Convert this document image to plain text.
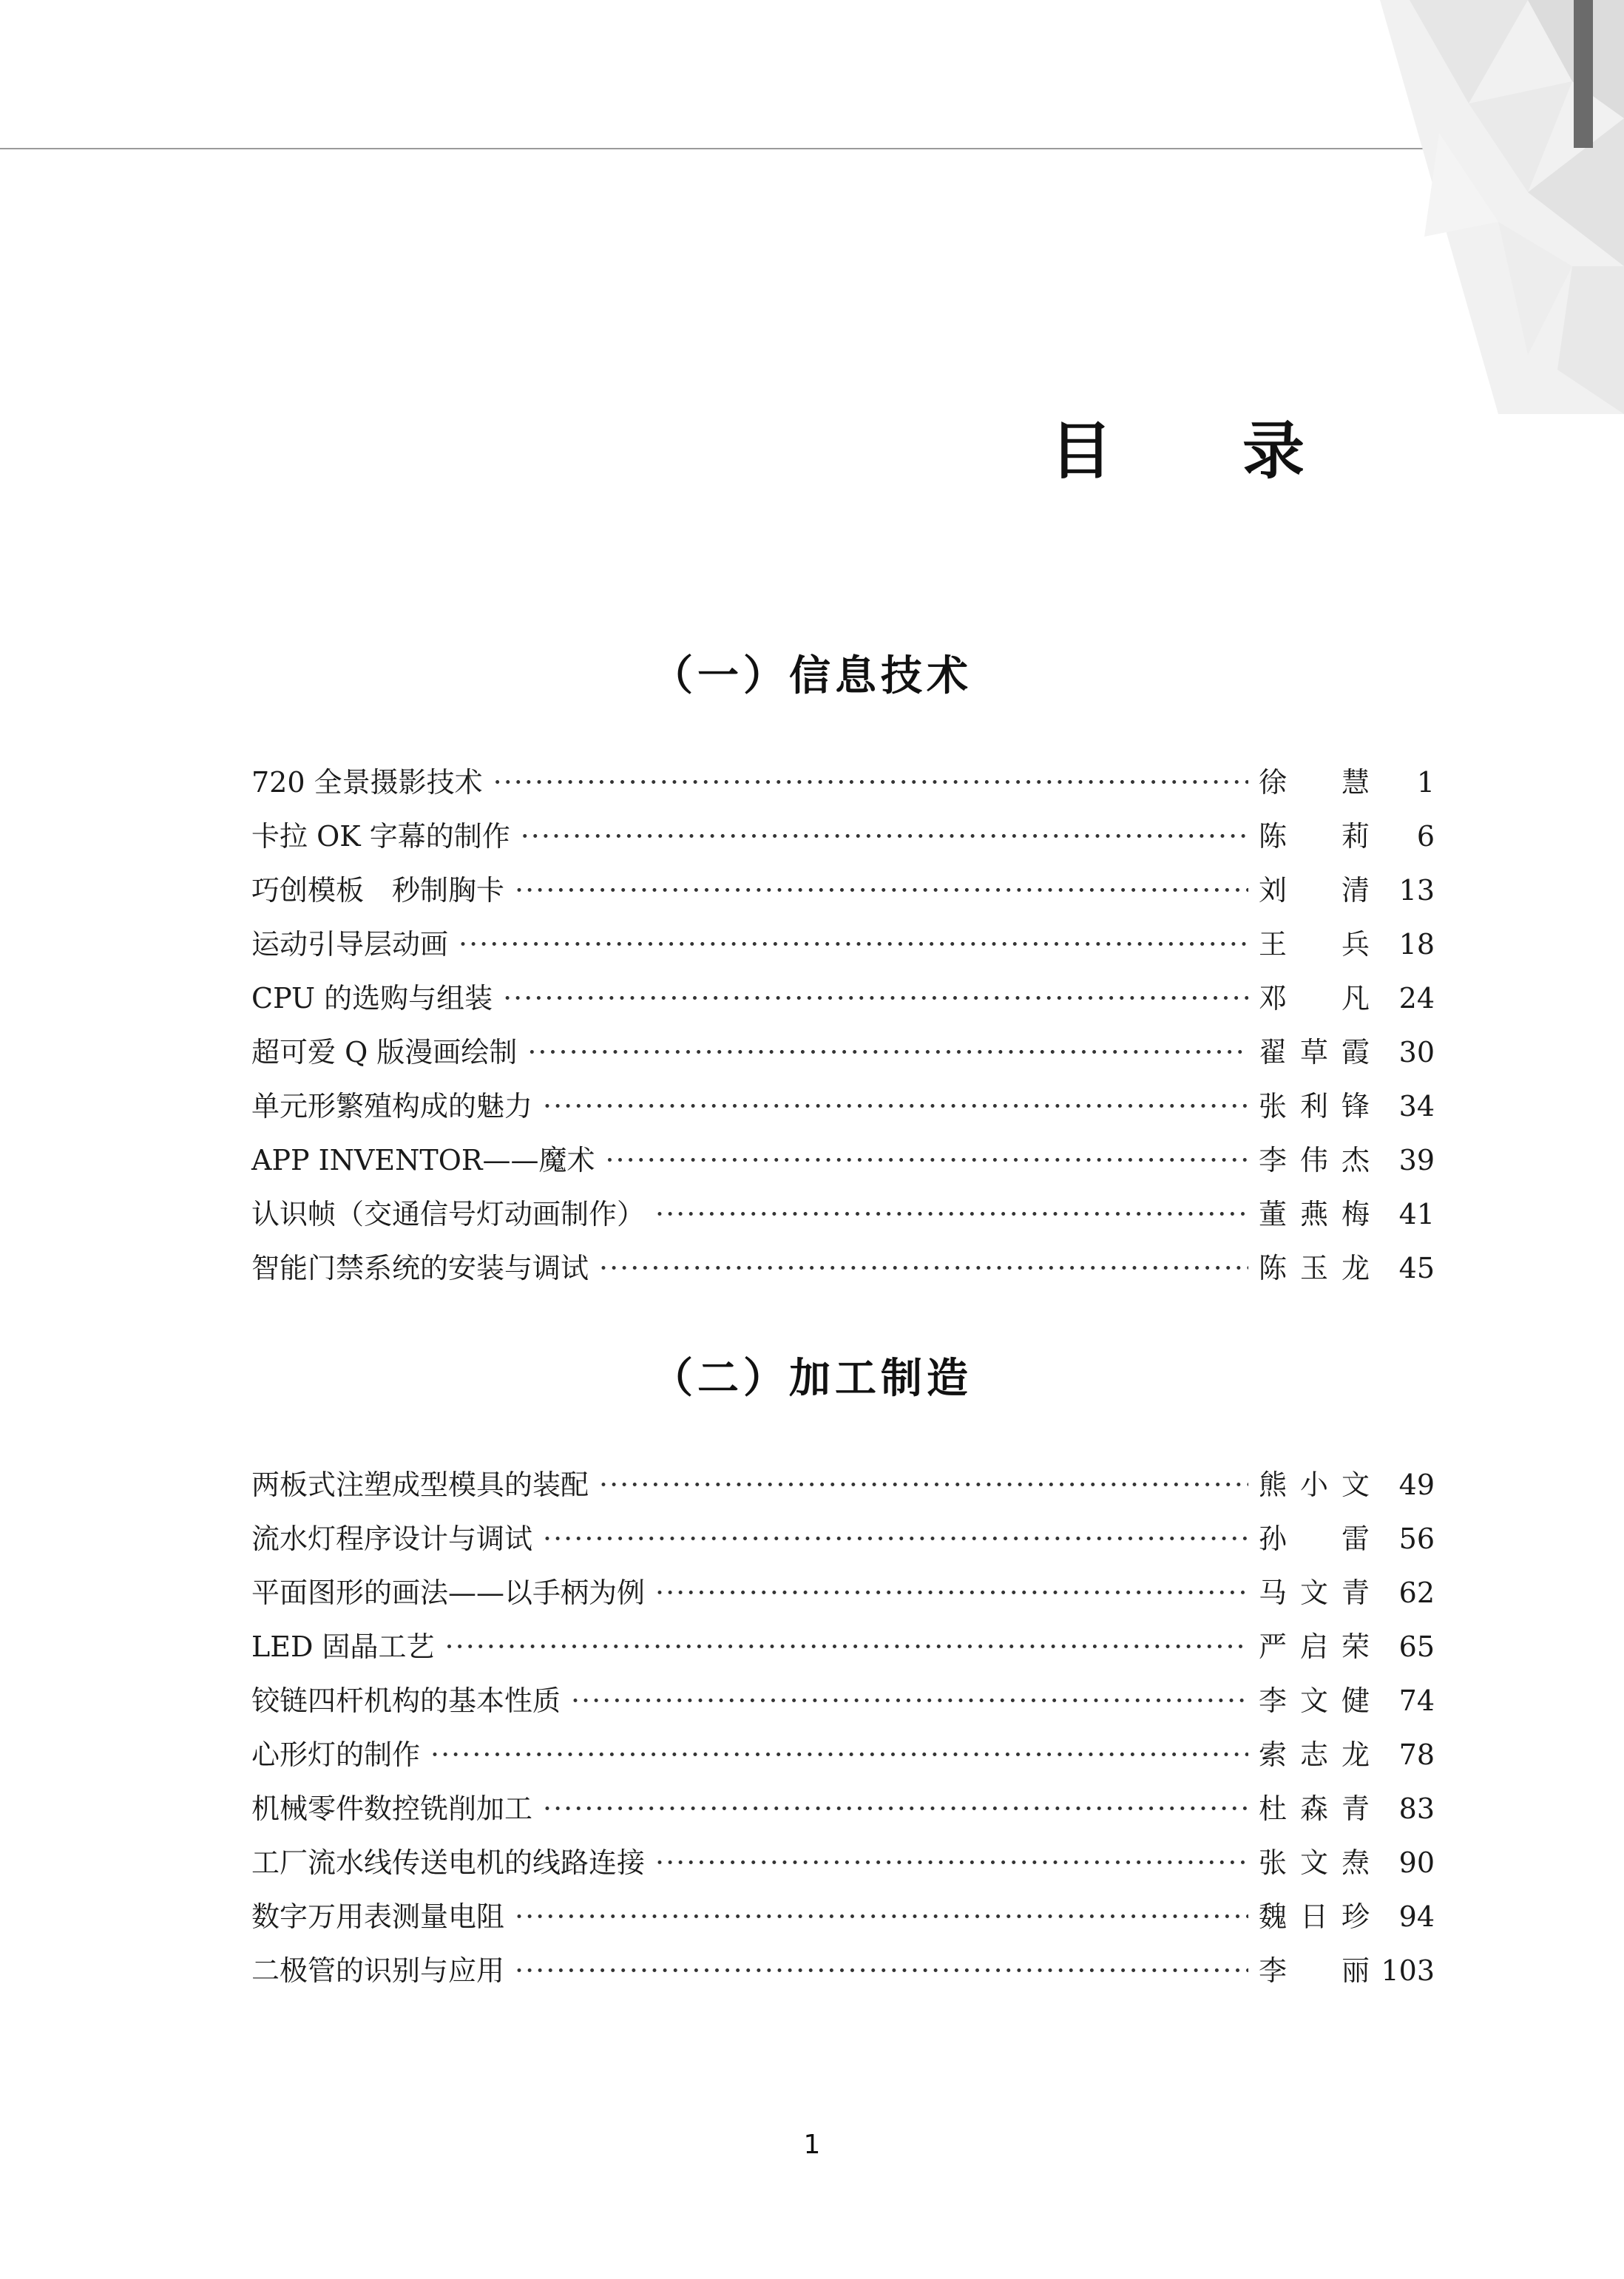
目录
（一）信息技术
720 全景摄影技术 ·····	徐慧	1
卡拉 OK 字幕的制作 ·····	陈莉	6
巧创模板　秒制胸卡 ·····	刘清	13
运动引导层动画 ·····	王兵	18
CPU 的选购与组装 ·····	邓凡	24
超可爱 Q 版漫画绘制 ·····	翟草霞	30
单元形繁殖构成的魅力 ·····	张利锋	34
APP INVENTOR——魔术 ·····	李伟杰	39
认识帧（交通信号灯动画制作） ·····	董燕梅	41
智能门禁系统的安装与调试 ·····	陈玉龙	45
（二）加工制造
两板式注塑成型模具的装配 ·····	熊小文	49
流水灯程序设计与调试 ·····	孙雷	56
平面图形的画法——以手柄为例 ·····	马文青	62
LED 固晶工艺 ·····	严启荣	65
铰链四杆机构的基本性质 ·····	李文健	74
心形灯的制作 ·····	索志龙	78
机械零件数控铣削加工 ·····	杜森青	83
工厂流水线传送电机的线路连接 ·····	张文焘	90
数字万用表测量电阻 ·····	魏日珍	94
二极管的识别与应用 ·····	李丽 103
1
